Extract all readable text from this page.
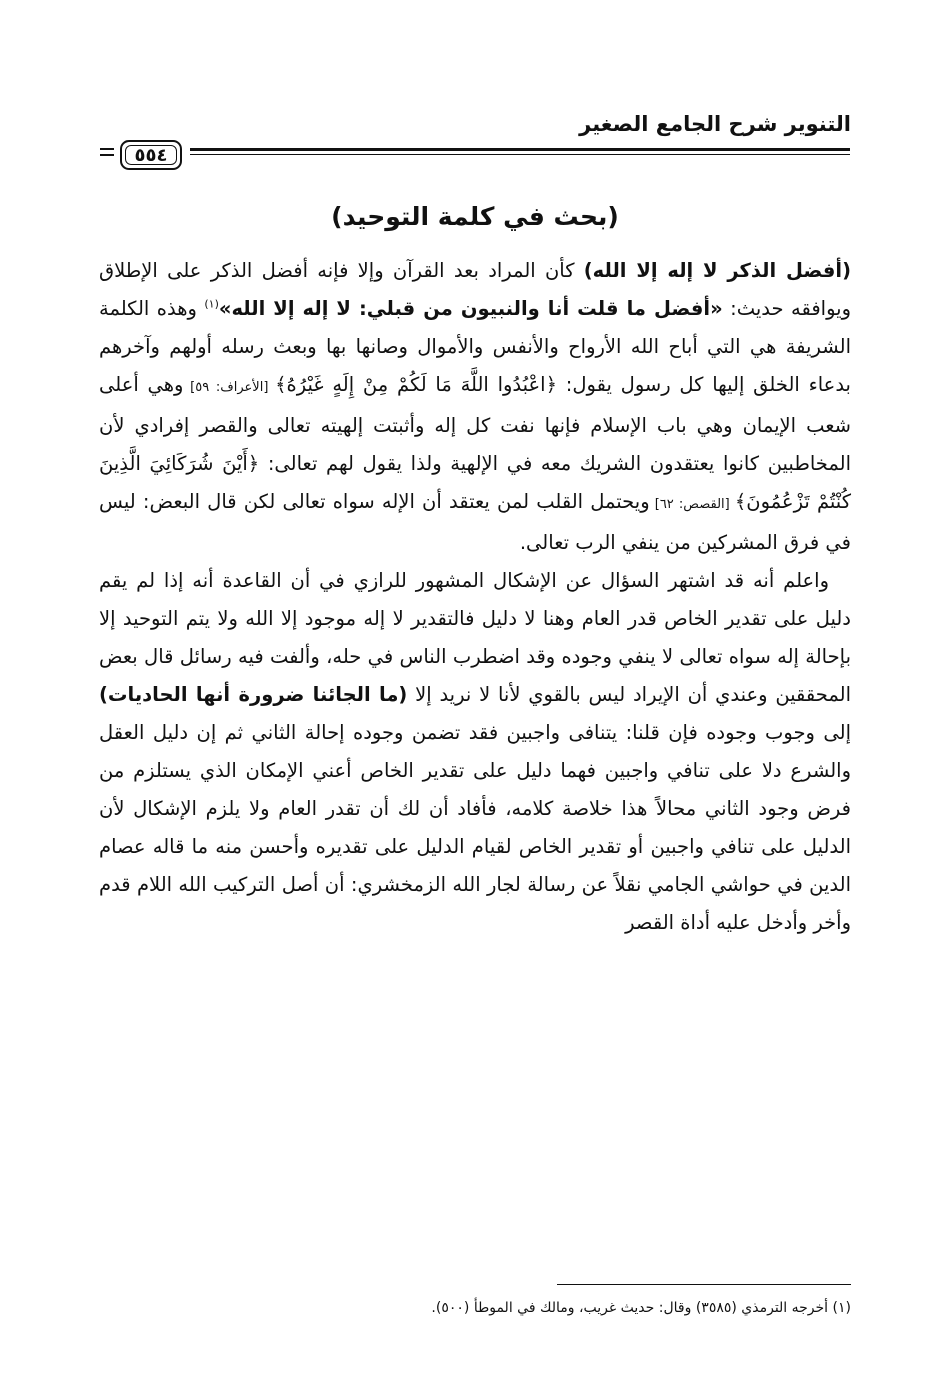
التنوير شرح الجامع الصغير
٥٥٤
(بحث في كلمة التوحيد)

(أفضل الذكر لا إله إلا الله) كأن المراد بعد القرآن وإلا فإنه أفضل الذكر على الإطلاق ويوافقه حديث: «أفضل ما قلت أنا والنبيون من قبلي: لا إله إلا الله»$^{(١)}$ وهذه الكلمة الشريفة هي التي أباح الله الأرواح والأنفس والأموال وصانها بها وبعث رسله أولهم وآخرهم بدعاء الخلق إليها كل رسول يقول: ﴿اعْبُدُوا اللَّهَ مَا لَكُمْ مِنْ إِلَهٍ غَيْرُهُ﴾ [الأعراف: ٥٩] وهي أعلى شعب الإيمان وهي باب الإسلام فإنها نفت كل إله وأثبتت إلهيته تعالى والقصر إفرادي لأن المخاطبين كانوا يعتقدون الشريك معه في الإلهية ولذا يقول لهم تعالى: ﴿أَيْنَ شُرَكَائِيَ الَّذِينَ كُنْتُمْ تَزْعُمُونَ﴾ [القصص: ٦٢] ويحتمل القلب لمن يعتقد أن الإله سواه تعالى لكن قال البعض: ليس في فرق المشركين من ينفي الرب تعالى.

واعلم أنه قد اشتهر السؤال عن الإشكال المشهور للرازي في أن القاعدة أنه إذا لم يقم دليل على تقدير الخاص قدر العام وهنا لا دليل فالتقدير لا إله موجود إلا الله ولا يتم التوحيد إلا بإحالة إله سواه تعالى لا ينفي وجوده وقد اضطرب الناس في حله، وألفت فيه رسائل قال بعض المحققين وعندي أن الإيراد ليس بالقوي لأنا لا نريد إلا (ما الجائنا ضرورة أنها الحاديات) إلى وجوب وجوده فإن قلنا: يتنافى واجبين فقد تضمن وجوده إحالة الثاني ثم إن دليل العقل والشرع دلا على تنافي واجبين فهما دليل على تقدير الخاص أعني الإمكان الذي يستلزم من فرض وجود الثاني محالاً هذا خلاصة كلامه، فأفاد أن لك أن تقدر العام ولا يلزم الإشكال لأن الدليل على تنافي واجبين أو تقدير الخاص لقيام الدليل على تقديره وأحسن منه ما قاله عصام الدين في حواشي الجامي نقلاً عن رسالة لجار الله الزمخشري: أن أصل التركيب الله اللام قدم وأخر وأدخل عليه أداة القصر

(١) أخرجه الترمذي (٣٥٨٥) وقال: حديث غريب، ومالك في الموطأ (٥٠٠).
